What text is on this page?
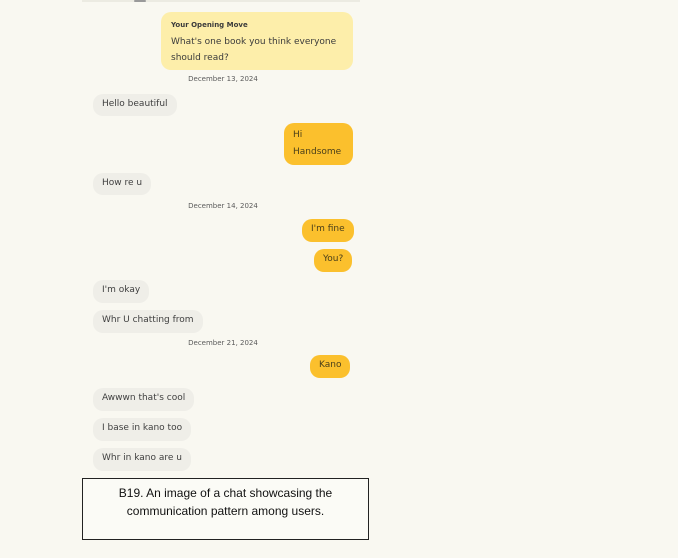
Your Opening Move
What's one book you think everyone should read?
December 13, 2024
Hello beautiful
Hi Handsome
How re u
December 14, 2024
I'm fine
You?
I'm okay
Whr U chatting from
December 21, 2024
Kano
Awwwn that's cool
I base in kano too
Whr in kano are u
B19. An image of a chat showcasing the communication pattern among users.
